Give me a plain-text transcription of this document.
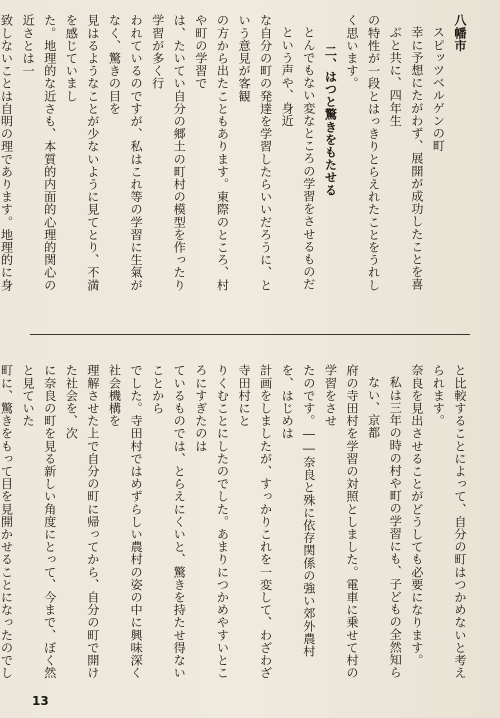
八幡市
スピッツベルゲンの町
幸に予想にたがわず、展開が成功したことを喜ぶと共に、四年生
の特性が一段とはっきりとらえれたことをうれしく思います。
二、はつと驚きをもたせる
とんでもない変なところの学習をさせるものだという声や、身近
な自分の町の発達を学習したらいいだろうに、という意見が客観
の方から出たこともあります。東際のところ、村や町の学習で
は、たいてい自分の郷土の町村の模型を作ったり学習が多く行
われているのですが、私はこれ等の学習に生氣がなく、驚きの目を
見はるようなことが少ないように見てとり、不満を感じていまし
た。地理的な近さも、本質的内面的心理的関心の近さとは一
致しないことは自明の理であります。地理的に身
と比較することによって、自分の町はつかめないと考えられます。
奈良を見出させることがどうしても必要になります。
私は三年の時の村や町の学習にも、子どもの全然知らない、京都
府の寺田村を学習の対照としました。電車に乗せて村の学習をさせ
たのです。――奈良と殊に依存関係の強い郊外農村を、はじめは
計画をしましたが、すっかりこれを一変して、わざわざ寺田村にと
りくむことにしたのでした。あまりにつかめやすいところにすぎたのは
ているものでは、とらえにくいと、驚きを持たせ得ないことから
でした。寺田村ではめずらしい農村の姿の中に興味深く社会機構を
理解させた上で自分の町に帰ってから、自分の町で開けた社会を、次
に奈良の町を見る新しい角度にとって、今まで、ぼく然と見ていた
町に、驚きをもって目を見開かせることになったのでし
13
